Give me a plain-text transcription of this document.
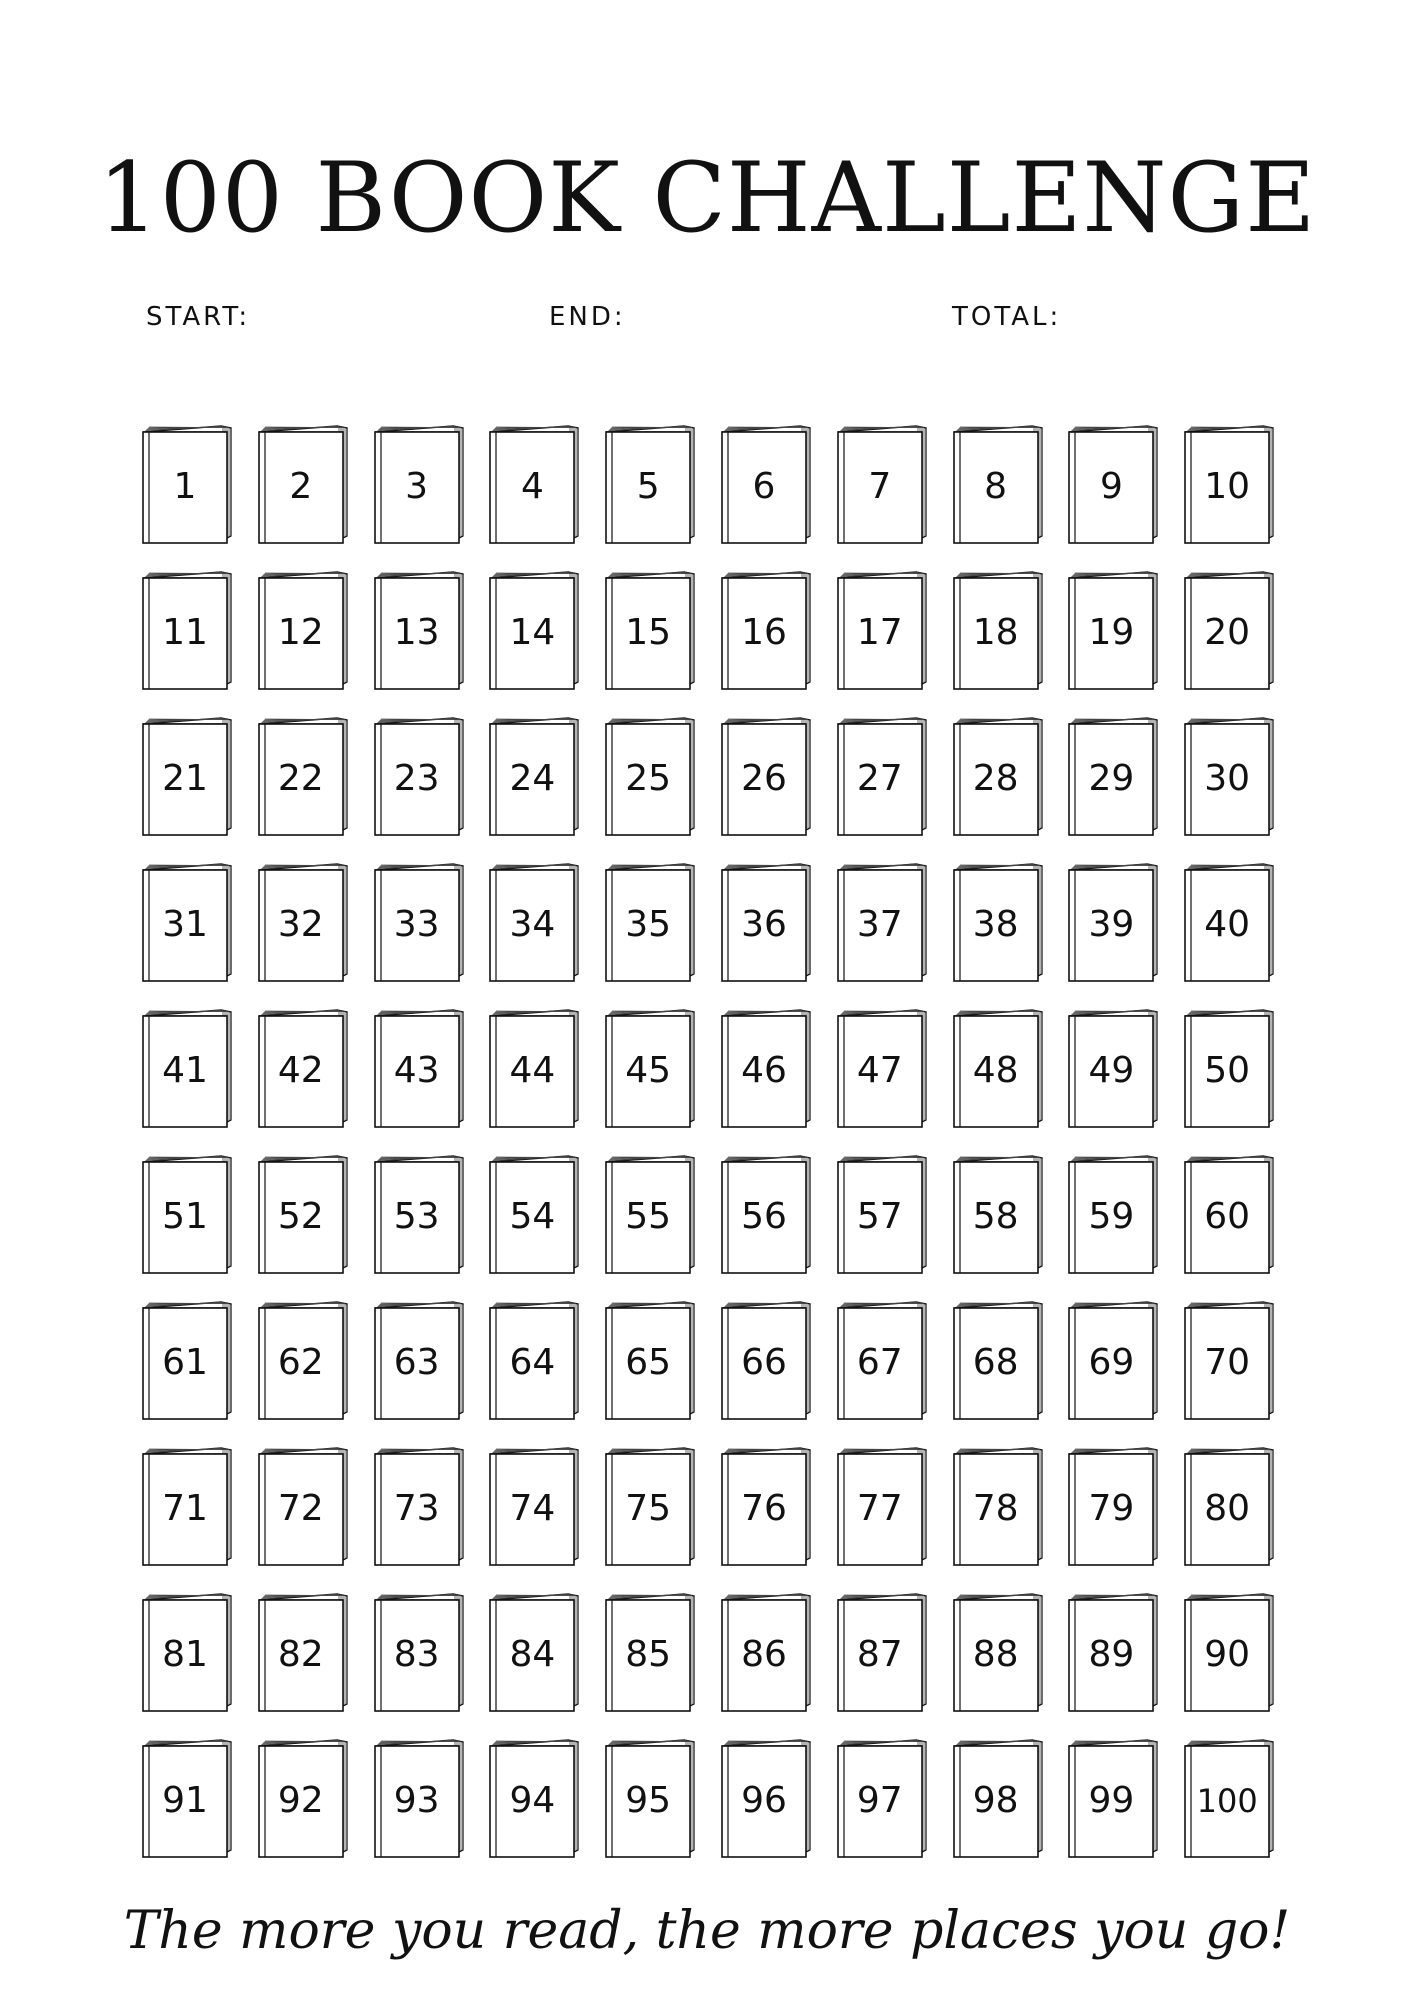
100 BOOK CHALLENGE
START:	END:	TOTAL:
1	2	3	4	5	6	7	8	9	10
11	12	13	14	15	16	17	18	19	20
21	22	23	24	25	26	27	28	29	30
31	32	33	34	35	36	37	38	39	40
41	42	43	44	45	46	47	48	49	50
51	52	53	54	55	56	57	58	59	60
61	62	63	64	65	66	67	68	69	70
71	72	73	74	75	76	77	78	79	80
81	82	83	84	85	86	87	88	89	90
91	92	93	94	95	96	97	98	99	100
The more you read, the more places you go!
